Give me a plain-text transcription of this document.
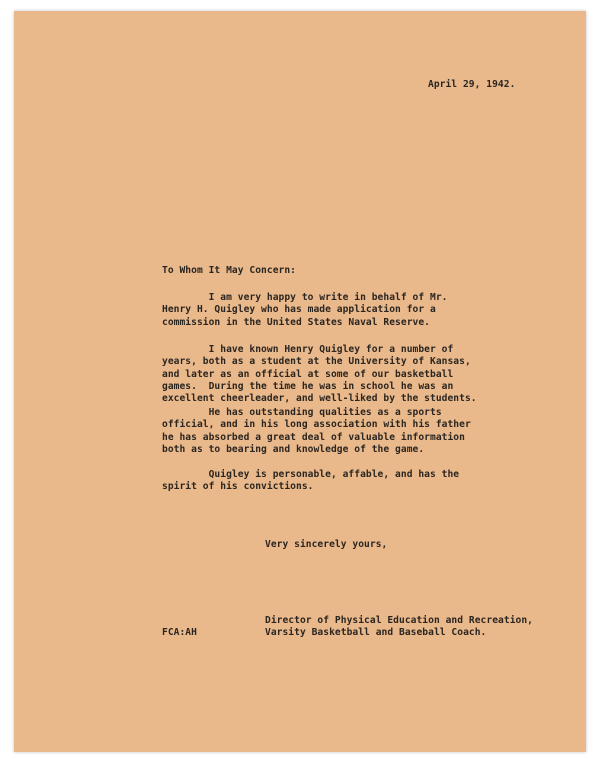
April 29, 1942.
To Whom It May Concern:
I am very happy to write in behalf of Mr.
Henry H. Quigley who has made application for a
commission in the United States Naval Reserve.
I have known Henry Quigley for a number of
years, both as a student at the University of Kansas,
and later as an official at some of our basketball
games.  During the time he was in school he was an
excellent cheerleader, and well-liked by the students.
He has outstanding qualities as a sports
official, and in his long association with his father
he has absorbed a great deal of valuable information
both as to bearing and knowledge of the game.
Quigley is personable, affable, and has the
spirit of his convictions.
Very sincerely yours,
Director of Physical Education and Recreation,
Varsity Basketball and Baseball Coach.
FCA:AH
